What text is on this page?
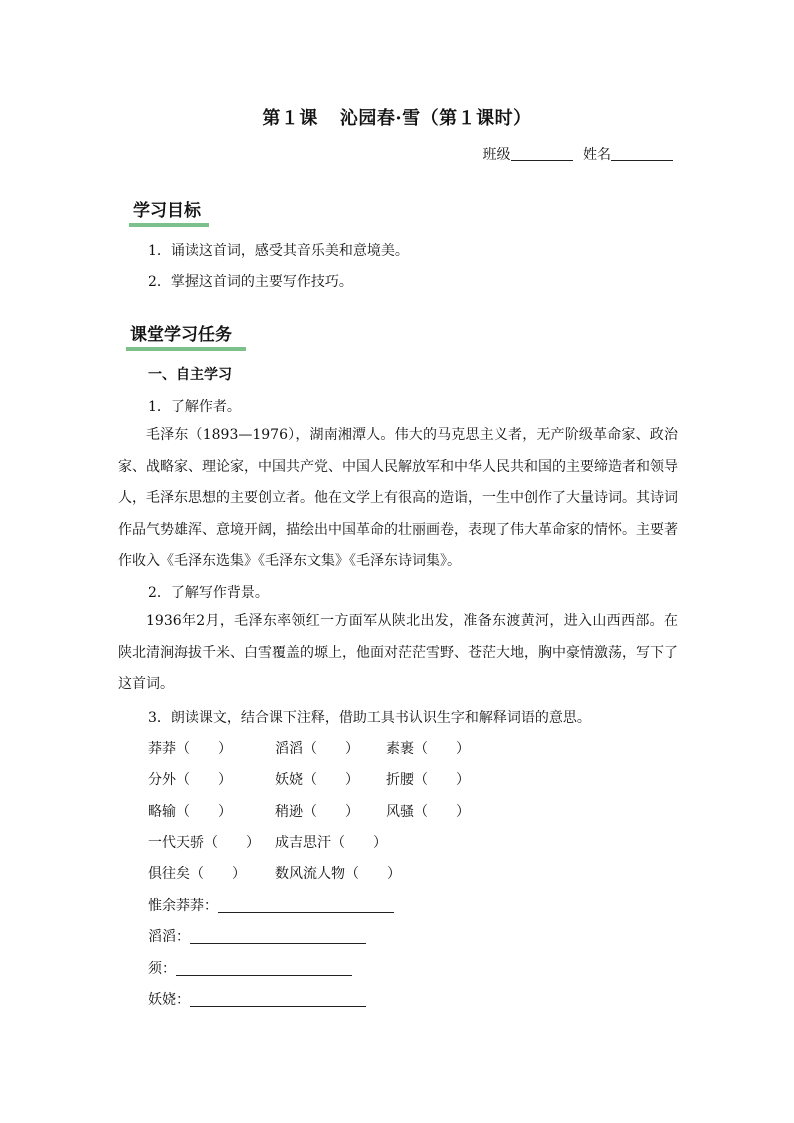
第１课 沁园春·雪（第１课时）
班级	姓名
学习目标
1．诵读这首词，感受其音乐美和意境美。
2．掌握这首词的主要写作技巧。
课堂学习任务
一、自主学习
1．了解作者。
毛泽东（1893—1976），湖南湘潭人。伟大的马克思主义者，无产阶级革命家、政治家、战略家、理论家，中国共产党、中国人民解放军和中华人民共和国的主要缔造者和领导人，毛泽东思想的主要创立者。他在文学上有很高的造诣，一生中创作了大量诗词。其诗词作品气势雄浑、意境开阔，描绘出中国革命的壮丽画卷，表现了伟大革命家的情怀。主要著作收入《毛泽东选集》《毛泽东文集》《毛泽东诗词集》。
2．了解写作背景。
1936年2月，毛泽东率领红一方面军从陕北出发，准备东渡黄河，进入山西西部。在陕北清涧海拔千米、白雪覆盖的塬上，他面对茫茫雪野、苍茫大地，胸中豪情激荡，写下了这首词。
3．朗读课文，结合课下注释，借助工具书认识生字和解释词语的意思。
莽莽（　　）	滔滔（　　） 素裹（　　）
分外（　　）	妖娆（　　） 折腰（　　）
略输（　　）	稍逊（　　） 风骚（　　）
一代天骄（　　） 成吉思汗（　　）
俱往矣（　　） 数风流人物（　　）
惟余莽莽：
滔滔：
须：
妖娆：
